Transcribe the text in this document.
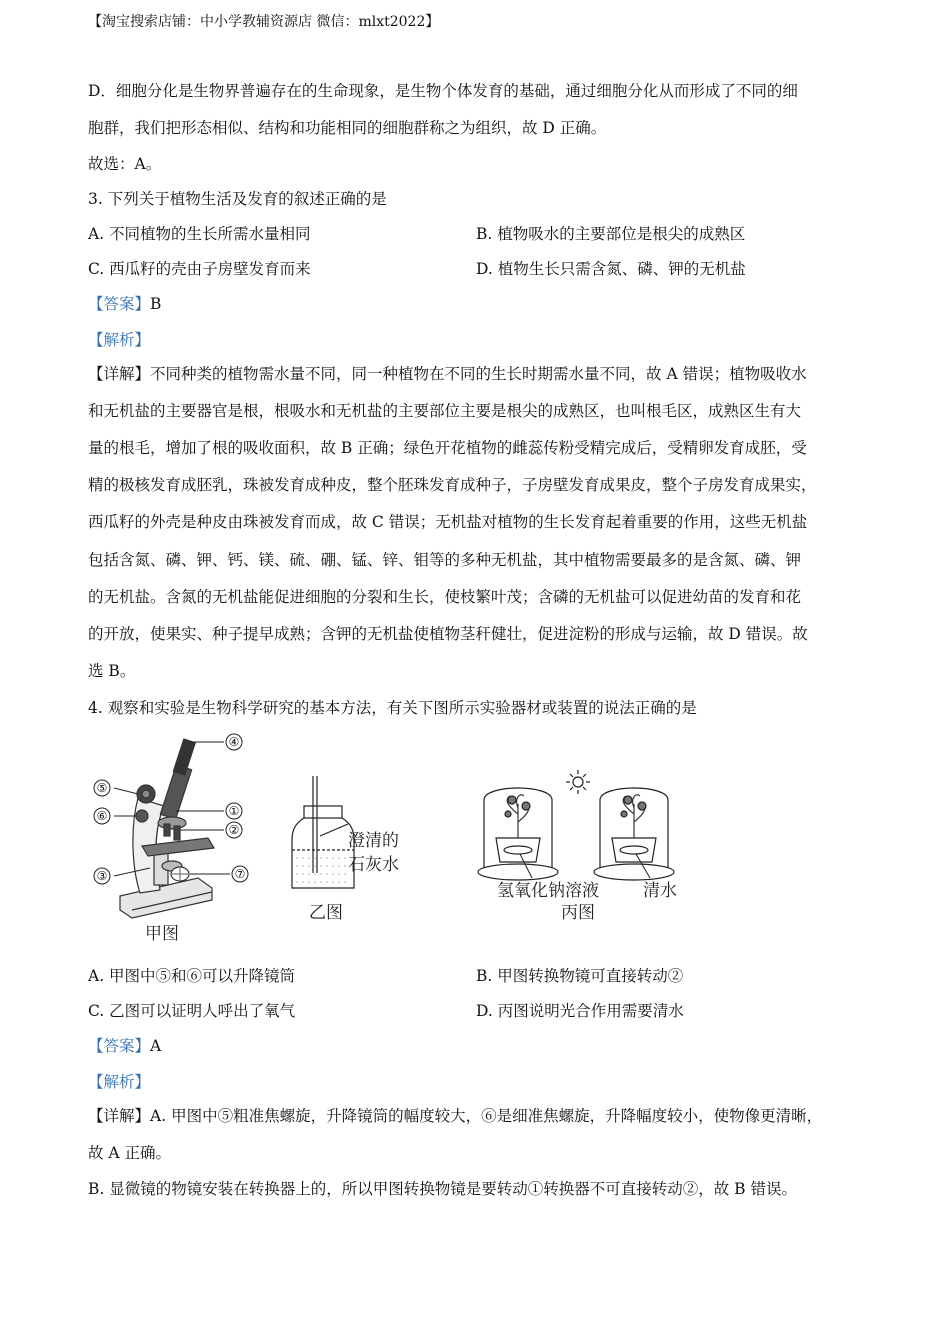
【淘宝搜索店铺：中小学教辅资源店 微信：mlxt2022】
D．细胞分化是生物界普遍存在的生命现象，是生物个体发育的基础，通过细胞分化从而形成了不同的细
胞群，我们把形态相似、结构和功能相同的细胞群称之为组织，故 D 正确。
故选：A。
3. 下列关于植物生活及发育的叙述正确的是
A. 不同植物的生长所需水量相同	B. 植物吸水的主要部位是根尖的成熟区
C. 西瓜籽的壳由子房壁发育而来	D. 植物生长只需含氮、磷、钾的无机盐
【答案】B
【解析】
【详解】不同种类的植物需水量不同，同一种植物在不同的生长时期需水量不同，故 A 错误；植物吸收水
和无机盐的主要器官是根，根吸水和无机盐的主要部位主要是根尖的成熟区，也叫根毛区，成熟区生有大
量的根毛，增加了根的吸收面积，故 B 正确；绿色开花植物的雌蕊传粉受精完成后，受精卵发育成胚，受
精的极核发育成胚乳，珠被发育成种皮，整个胚珠发育成种子，子房壁发育成果皮，整个子房发育成果实，
西瓜籽的外壳是种皮由珠被发育而成，故 C 错误；无机盐对植物的生长发育起着重要的作用，这些无机盐
包括含氮、磷、钾、钙、镁、硫、硼、锰、锌、钼等的多种无机盐，其中植物需要最多的是含氮、磷、钾
的无机盐。含氮的无机盐能促进细胞的分裂和生长，使枝繁叶茂；含磷的无机盐可以促进幼苗的发育和花
的开放，使果实、种子提早成熟；含钾的无机盐使植物茎秆健壮，促进淀粉的形成与运输，故 D 错误。故
选 B。
4. 观察和实验是生物科学研究的基本方法，有关下图所示实验器材或装置的说法正确的是
④
①
②
⑤
⑥
③	⑦
甲图
澄清的
石灰水
乙图
氢氧化钠溶液	清水
丙图
A. 甲图中⑤和⑥可以升降镜筒	B. 甲图转换物镜可直接转动②
C. 乙图可以证明人呼出了氧气	D. 丙图说明光合作用需要清水
【答案】A
【解析】
【详解】A. 甲图中⑤粗准焦螺旋，升降镜筒的幅度较大，⑥是细准焦螺旋，升降幅度较小，使物像更清晰，
故 A 正确。
B. 显微镜的物镜安装在转换器上的，所以甲图转换物镜是要转动①转换器不可直接转动②，故 B 错误。
